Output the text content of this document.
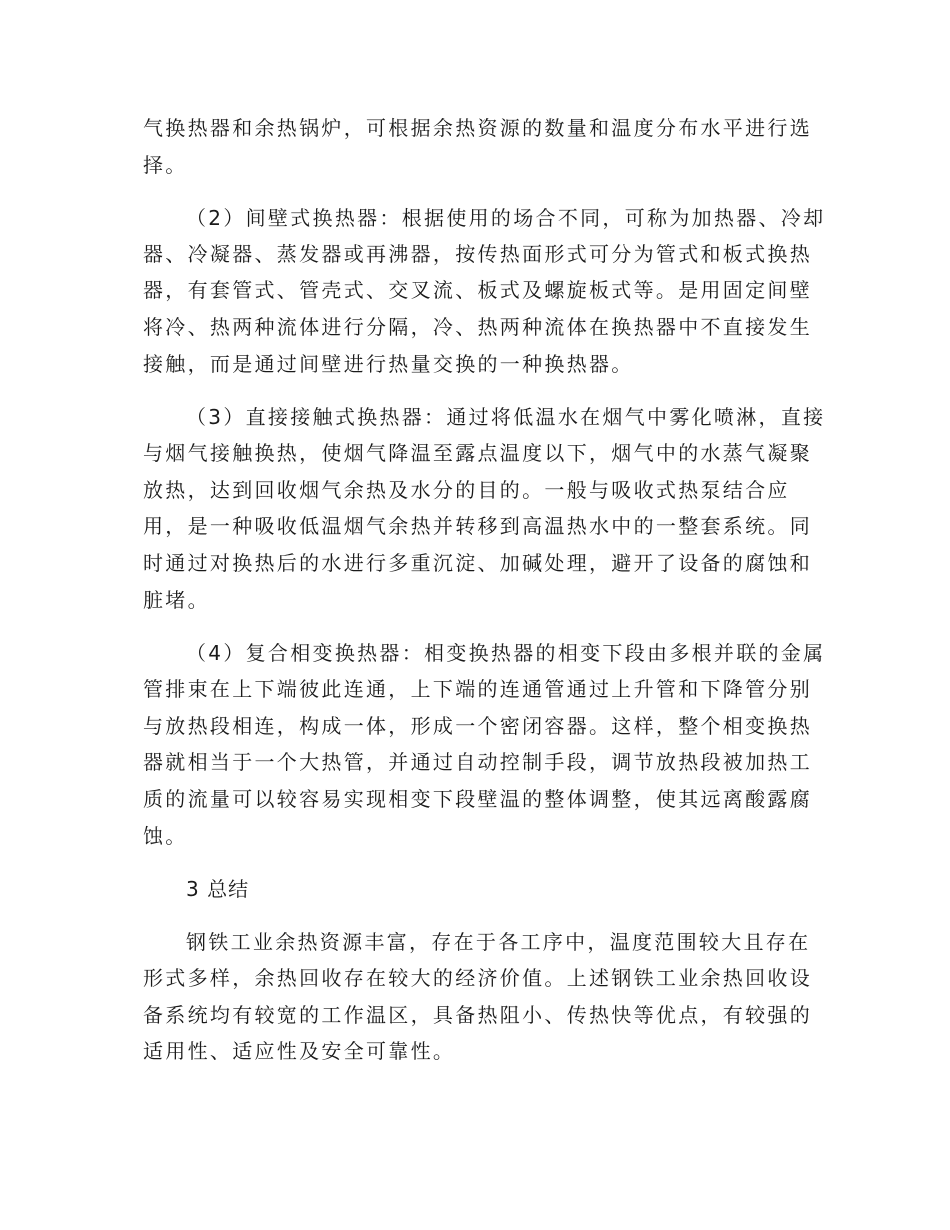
气换热器和余热锅炉，可根据余热资源的数量和温度分布水平进行选
择。
（2）间壁式换热器：根据使用的场合不同，可称为加热器、冷却
器、冷凝器、蒸发器或再沸器，按传热面形式可分为管式和板式换热
器，有套管式、管壳式、交叉流、板式及螺旋板式等。是用固定间壁
将冷、热两种流体进行分隔，冷、热两种流体在换热器中不直接发生
接触，而是通过间壁进行热量交换的一种换热器。
（3）直接接触式换热器：通过将低温水在烟气中雾化喷淋，直接
与烟气接触换热，使烟气降温至露点温度以下，烟气中的水蒸气凝聚
放热，达到回收烟气余热及水分的目的。一般与吸收式热泵结合应
用，是一种吸收低温烟气余热并转移到高温热水中的一整套系统。同
时通过对换热后的水进行多重沉淀、加碱处理，避开了设备的腐蚀和
脏堵。
（4）复合相变换热器：相变换热器的相变下段由多根并联的金属
管排束在上下端彼此连通，上下端的连通管通过上升管和下降管分别
与放热段相连，构成一体，形成一个密闭容器。这样，整个相变换热
器就相当于一个大热管，并通过自动控制手段，调节放热段被加热工
质的流量可以较容易实现相变下段壁温的整体调整，使其远离酸露腐
蚀。
3 总结
钢铁工业余热资源丰富，存在于各工序中，温度范围较大且存在
形式多样，余热回收存在较大的经济价值。上述钢铁工业余热回收设
备系统均有较宽的工作温区，具备热阻小、传热快等优点，有较强的
适用性、适应性及安全可靠性。
